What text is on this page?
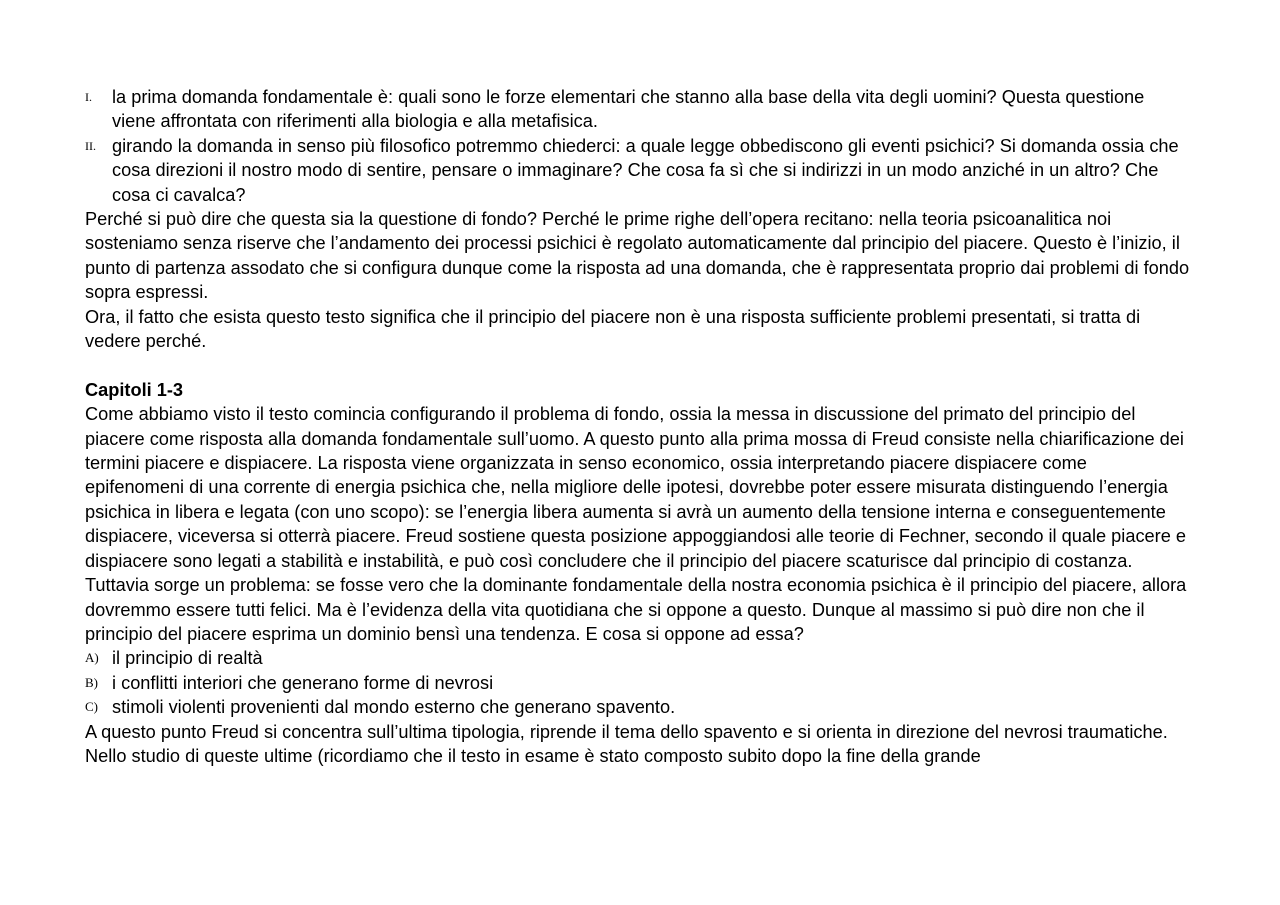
I. la prima domanda fondamentale è: quali sono le forze elementari che stanno alla base della vita degli uomini? Questa questione viene affrontata con riferimenti alla biologia e alla metafisica.
II. girando la domanda in senso più filosofico potremmo chiederci: a quale legge obbediscono gli eventi psichici? Si domanda ossia che cosa direzioni il nostro modo di sentire, pensare o immaginare? Che cosa fa sì che si indirizzi in un modo anziché in un altro? Che cosa ci cavalca?

Perché si può dire che questa sia la questione di fondo? Perché le prime righe dell’opera recitano: nella teoria psicoanalitica noi sosteniamo senza riserve che l’andamento dei processi psichici è regolato automaticamente dal principio del piacere. Questo è l’inizio, il punto di partenza assodato che si configura dunque come la risposta ad una domanda, che è rappresentata proprio dai problemi di fondo sopra espressi.

Ora, il fatto che esista questo testo significa che il principio del piacere non è una risposta sufficiente problemi presentati, si tratta di vedere perché.

Capitoli 1-3

Come abbiamo visto il testo comincia configurando il problema di fondo, ossia la messa in discussione del primato del principio del piacere come risposta alla domanda fondamentale sull’uomo. A questo punto alla prima mossa di Freud consiste nella chiarificazione dei termini piacere e dispiacere. La risposta viene organizzata in senso economico, ossia interpretando piacere dispiacere come epifenomeni di una corrente di energia psichica che, nella migliore delle ipotesi, dovrebbe poter essere misurata distinguendo l’energia psichica in libera e legata (con uno scopo): se l’energia libera aumenta si avrà un aumento della tensione interna e conseguentemente dispiacere, viceversa si otterrà piacere. Freud sostiene questa posizione appoggiandosi alle teorie di Fechner, secondo il quale piacere e dispiacere sono legati a stabilità e instabilità, e può così concludere che il principio del piacere scaturisce dal principio di costanza.

Tuttavia sorge un problema: se fosse vero che la dominante fondamentale della nostra economia psichica è il principio del piacere, allora dovremmo essere tutti felici. Ma è l’evidenza della vita quotidiana che si oppone a questo. Dunque al massimo si può dire non che il principio del piacere esprima un dominio bensì una tendenza. E cosa si oppone ad essa?

A) il principio di realtà
B) i conflitti interiori che generano forme di nevrosi
C) stimoli violenti provenienti dal mondo esterno che generano spavento.

A questo punto Freud si concentra sull’ultima tipologia, riprende il tema dello spavento e si orienta in direzione del nevrosi traumatiche. Nello studio di queste ultime (ricordiamo che il testo in esame è stato composto subito dopo la fine della grande
